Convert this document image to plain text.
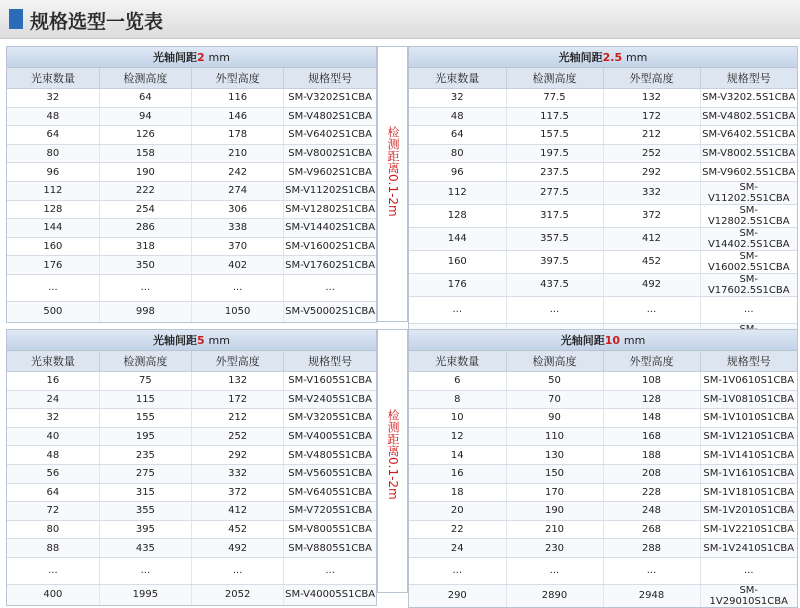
规格选型一览表
光轴间距2 mm			
光束数量	检测高度	外型高度	规格型号
32	64	116	SM-V3202S1CBA
48	94	146	SM-V4802S1CBA
64	126	178	SM-V6402S1CBA
80	158	210	SM-V8002S1CBA
96	190	242	SM-V9602S1CBA
112	222	274	SM-V11202S1CBA
128	254	306	SM-V12802S1CBA
144	286	338	SM-V14402S1CBA
160	318	370	SM-V16002S1CBA
176	350	402	SM-V17602S1CBA
...	...	...	...
500	998	1050	SM-V50002S1CBA
检测距离0.1-2m
光轴间距2.5 mm			
光束数量	检测高度	外型高度	规格型号
32	77.5	132	SM-V3202.5S1CBA
48	117.5	172	SM-V4802.5S1CBA
64	157.5	212	SM-V6402.5S1CBA
80	197.5	252	SM-V8002.5S1CBA
96	237.5	292	SM-V9602.5S1CBA
112	277.5	332	SM-V11202.5S1CBA
128	317.5	372	SM-V12802.5S1CBA
144	357.5	412	SM-V14402.5S1CBA
160	397.5	452	SM-V16002.5S1CBA
176	437.5	492	SM-V17602.5S1CBA
...	...	...	...

光轴间距5 mm			
光束数量	检测高度	外型高度	规格型号
16	75	132	SM-V1605S1CBA
24	115	172	SM-V2405S1CBA
32	155	212	SM-V3205S1CBA
40	195	252	SM-V4005S1CBA
48	235	292	SM-V4805S1CBA
56	275	332	SM-V5605S1CBA
64	315	372	SM-V6405S1CBA
72	355	412	SM-V7205S1CBA
80	395	452	SM-V8005S1CBA
88	435	492	SM-V8805S1CBA
...	...	...	...
400	1995	2052	SM-V40005S1CBA
检测距离0.1-2m
光轴间距10 mm			
光束数量	检测高度	外型高度	规格型号
6	50	108	SM-1V0610S1CBA
8	70	128	SM-1V0810S1CBA
10	90	148	SM-1V1010S1CBA
12	110	168	SM-1V1210S1CBA
14	130	188	SM-1V1410S1CBA
16	150	208	SM-1V1610S1CBA
18	170	228	SM-1V1810S1CBA
20	190	248	SM-1V2010S1CBA
22	210	268	SM-1V2210S1CBA
24	230	288	SM-1V2410S1CBA
...	...	...	...
290	2890	2948	SM-1V29010S1CBA
